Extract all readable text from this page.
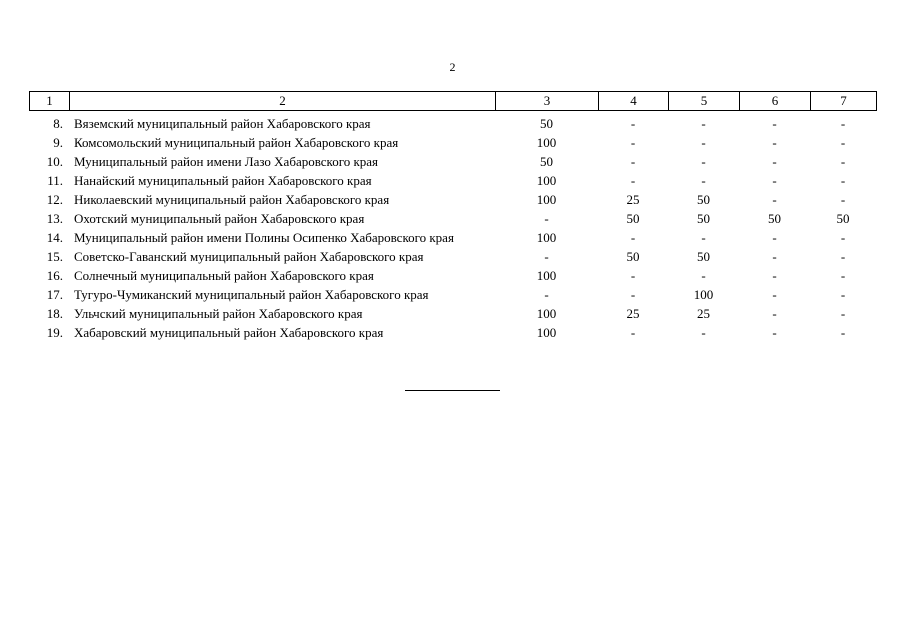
2
1	2	3	4	5	6	7
8.	Вяземский муниципальный район Хабаровского края	50	-	-	-	-
9.	Комсомольский муниципальный район Хабаровского края	100	-	-	-	-
10.	Муниципальный район имени Лазо Хабаровского края	50	-	-	-	-
11.	Нанайский муниципальный район Хабаровского края	100	-	-	-	-
12.	Николаевский муниципальный район Хабаровского края	100	25	50	-	-
13.	Охотский муниципальный район Хабаровского края	-	50	50	50	50
14.	Муниципальный район имени Полины Осипенко Хабаровского края	100	-	-	-	-
15.	Советско-Гаванский муниципальный район Хабаровского края	-	50	50	-	-
16.	Солнечный муниципальный район Хабаровского края	100	-	-	-	-
17.	Тугуро-Чумиканский муниципальный район Хабаровского края	-	-	100	-	-
18.	Ульчский муниципальный район Хабаровского края	100	25	25	-	-
19.	Хабаровский муниципальный район Хабаровского края	100	-	-	-	-
